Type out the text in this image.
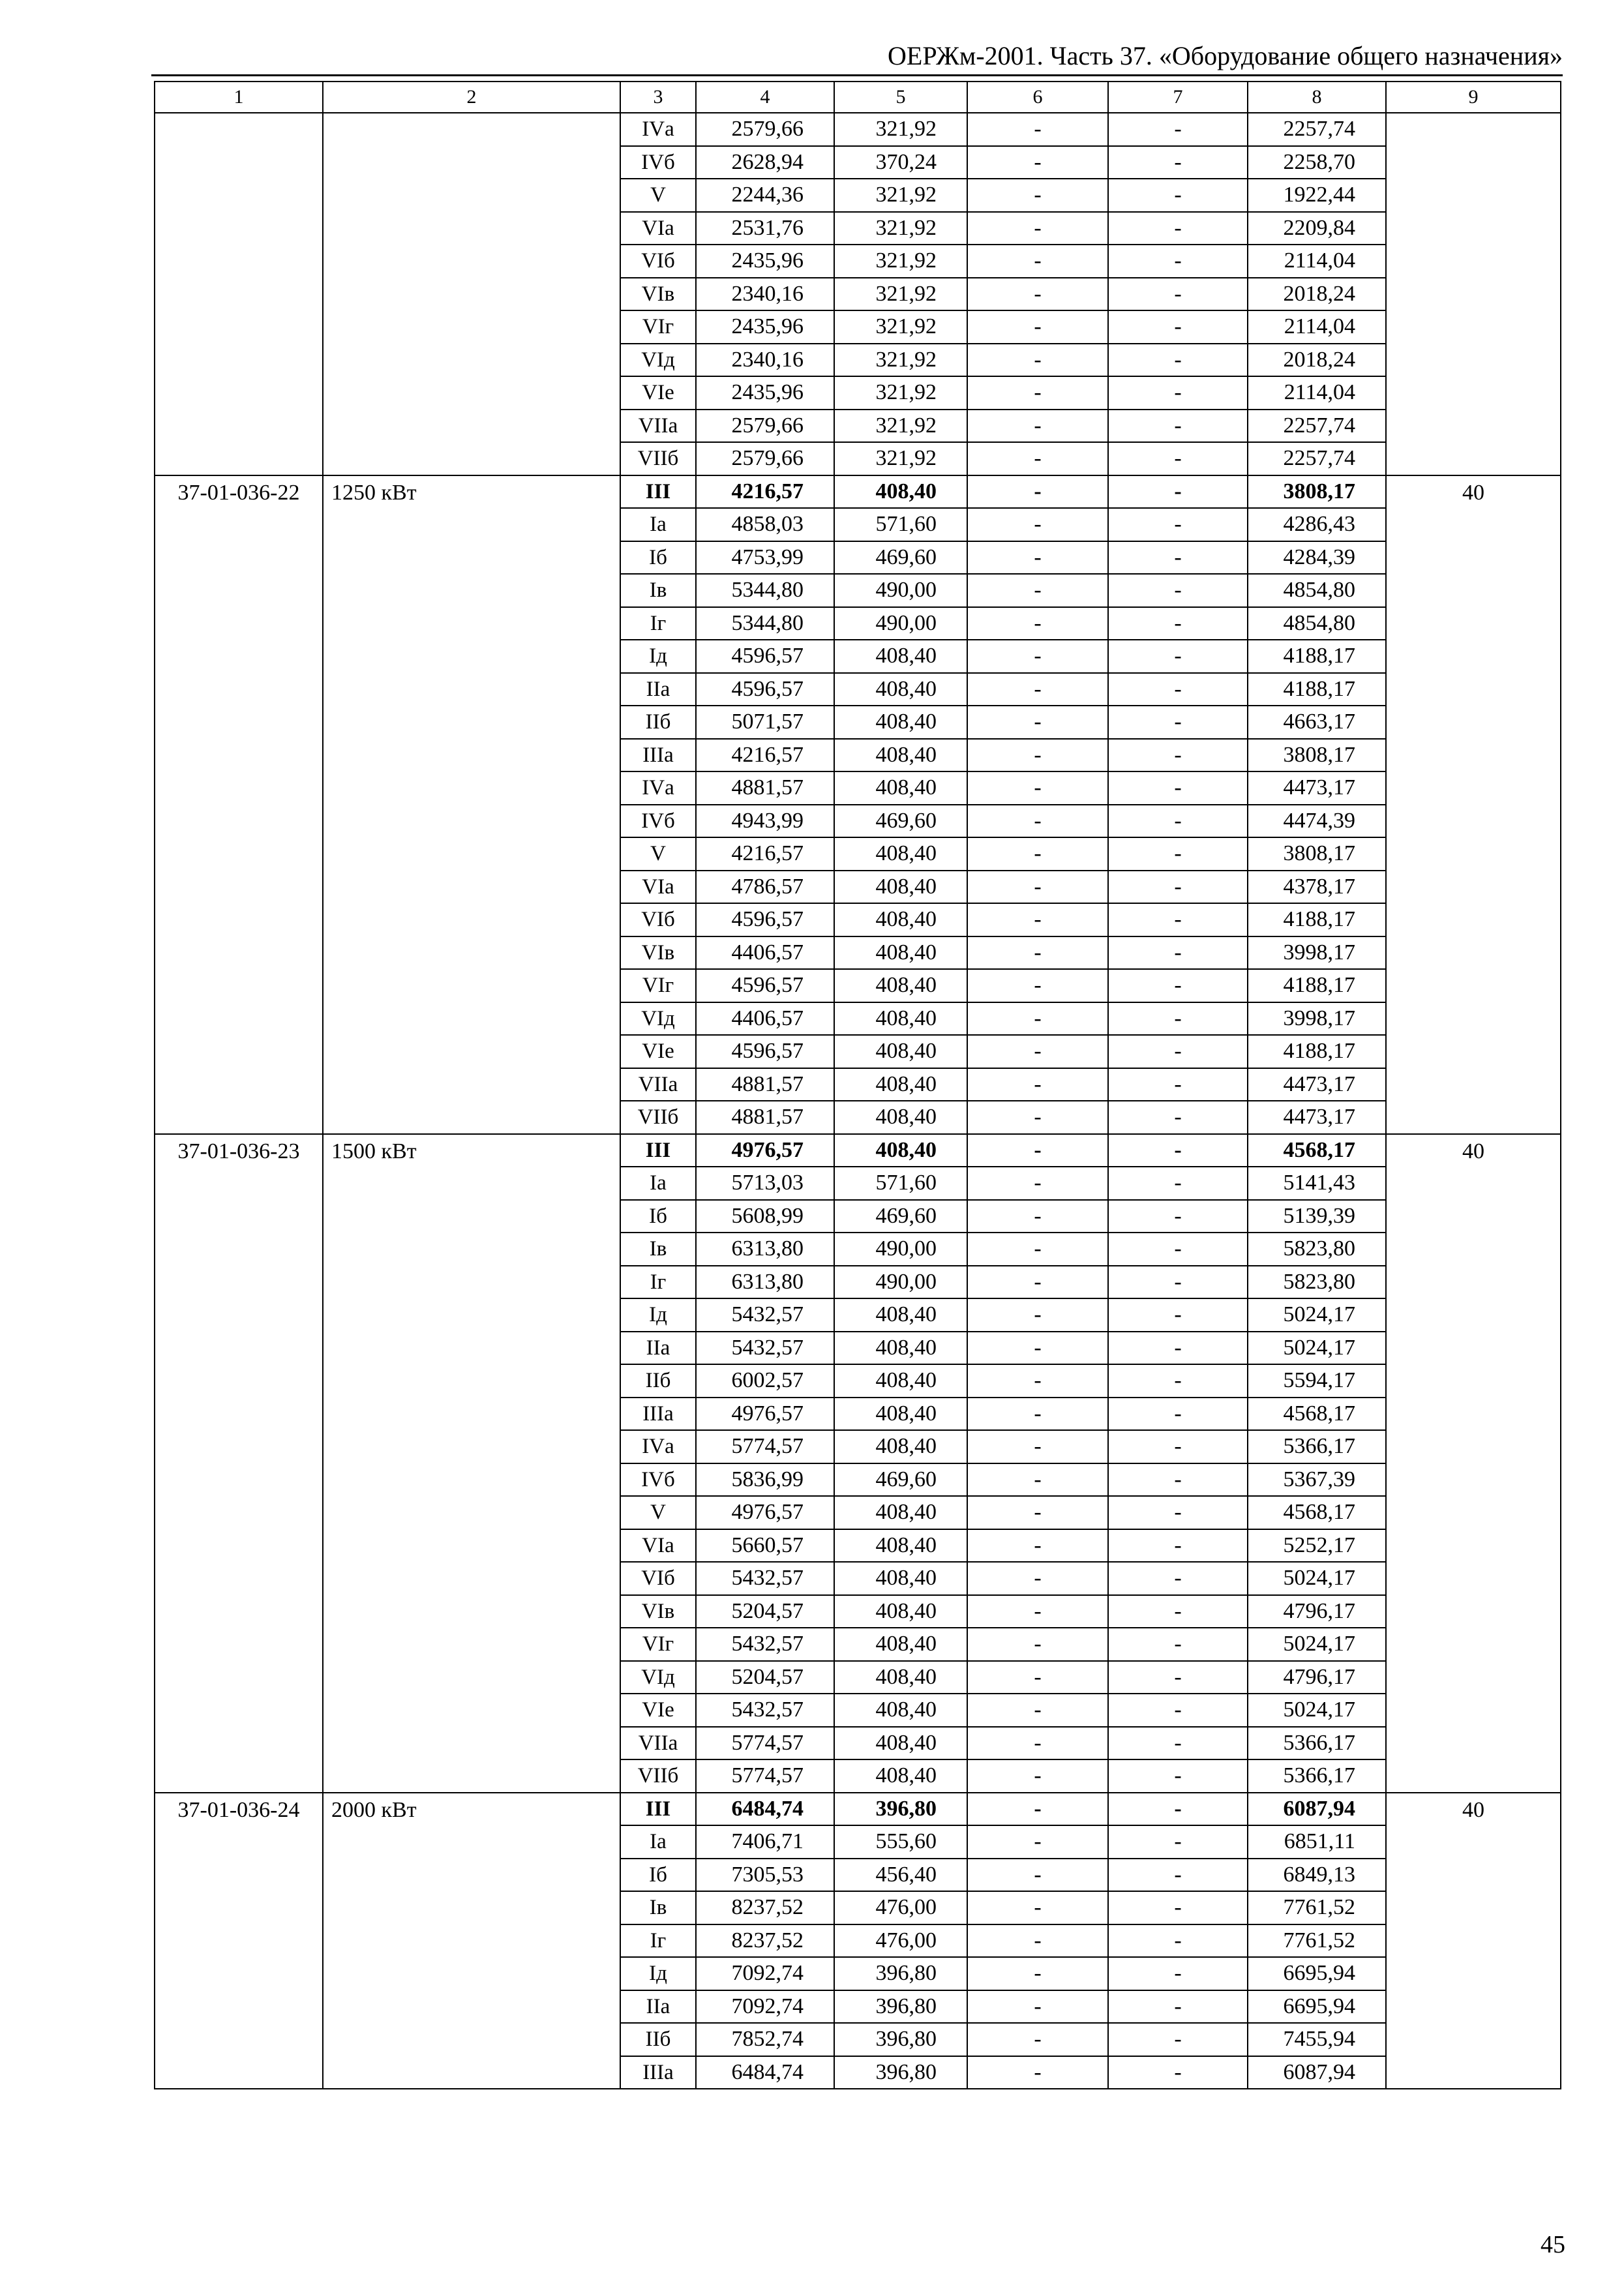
ОЕРЖм-2001. Часть 37. «Оборудование общего назначения»
1	2	3	4	5	6	7	8	9
		IVа	2579,66	321,92	-	-	2257,74	
		IVб	2628,94	370,24	-	-	2258,70	
		V	2244,36	321,92	-	-	1922,44	
		VIа	2531,76	321,92	-	-	2209,84	
		VIб	2435,96	321,92	-	-	2114,04	
		VIв	2340,16	321,92	-	-	2018,24	
		VIг	2435,96	321,92	-	-	2114,04	
		VIд	2340,16	321,92	-	-	2018,24	
		VIе	2435,96	321,92	-	-	2114,04	
		VIIа	2579,66	321,92	-	-	2257,74	
		VIIб	2579,66	321,92	-	-	2257,74	
37-01-036-22	1250 кВт	III	4216,57	408,40	-	-	3808,17	40
		Iа	4858,03	571,60	-	-	4286,43	
		Iб	4753,99	469,60	-	-	4284,39	
		Iв	5344,80	490,00	-	-	4854,80	
		Iг	5344,80	490,00	-	-	4854,80	
		Iд	4596,57	408,40	-	-	4188,17	
		IIа	4596,57	408,40	-	-	4188,17	
		IIб	5071,57	408,40	-	-	4663,17	
		IIIа	4216,57	408,40	-	-	3808,17	
		IVа	4881,57	408,40	-	-	4473,17	
		IVб	4943,99	469,60	-	-	4474,39	
		V	4216,57	408,40	-	-	3808,17	
		VIа	4786,57	408,40	-	-	4378,17	
		VIб	4596,57	408,40	-	-	4188,17	
		VIв	4406,57	408,40	-	-	3998,17	
		VIг	4596,57	408,40	-	-	4188,17	
		VIд	4406,57	408,40	-	-	3998,17	
		VIе	4596,57	408,40	-	-	4188,17	
		VIIа	4881,57	408,40	-	-	4473,17	
		VIIб	4881,57	408,40	-	-	4473,17	
37-01-036-23	1500 кВт	III	4976,57	408,40	-	-	4568,17	40
		Iа	5713,03	571,60	-	-	5141,43	
		Iб	5608,99	469,60	-	-	5139,39	
		Iв	6313,80	490,00	-	-	5823,80	
		Iг	6313,80	490,00	-	-	5823,80	
		Iд	5432,57	408,40	-	-	5024,17	
		IIа	5432,57	408,40	-	-	5024,17	
		IIб	6002,57	408,40	-	-	5594,17	
		IIIа	4976,57	408,40	-	-	4568,17	
		IVа	5774,57	408,40	-	-	5366,17	
		IVб	5836,99	469,60	-	-	5367,39	
		V	4976,57	408,40	-	-	4568,17	
		VIа	5660,57	408,40	-	-	5252,17	
		VIб	5432,57	408,40	-	-	5024,17	
		VIв	5204,57	408,40	-	-	4796,17	
		VIг	5432,57	408,40	-	-	5024,17	
		VIд	5204,57	408,40	-	-	4796,17	
		VIе	5432,57	408,40	-	-	5024,17	
		VIIа	5774,57	408,40	-	-	5366,17	
		VIIб	5774,57	408,40	-	-	5366,17	
37-01-036-24	2000 кВт	III	6484,74	396,80	-	-	6087,94	40
		Iа	7406,71	555,60	-	-	6851,11	
		Iб	7305,53	456,40	-	-	6849,13	
		Iв	8237,52	476,00	-	-	7761,52	
		Iг	8237,52	476,00	-	-	7761,52	
		Iд	7092,74	396,80	-	-	6695,94	
		IIа	7092,74	396,80	-	-	6695,94	
		IIб	7852,74	396,80	-	-	7455,94	
		IIIа	6484,74	396,80	-	-	6087,94	
45
